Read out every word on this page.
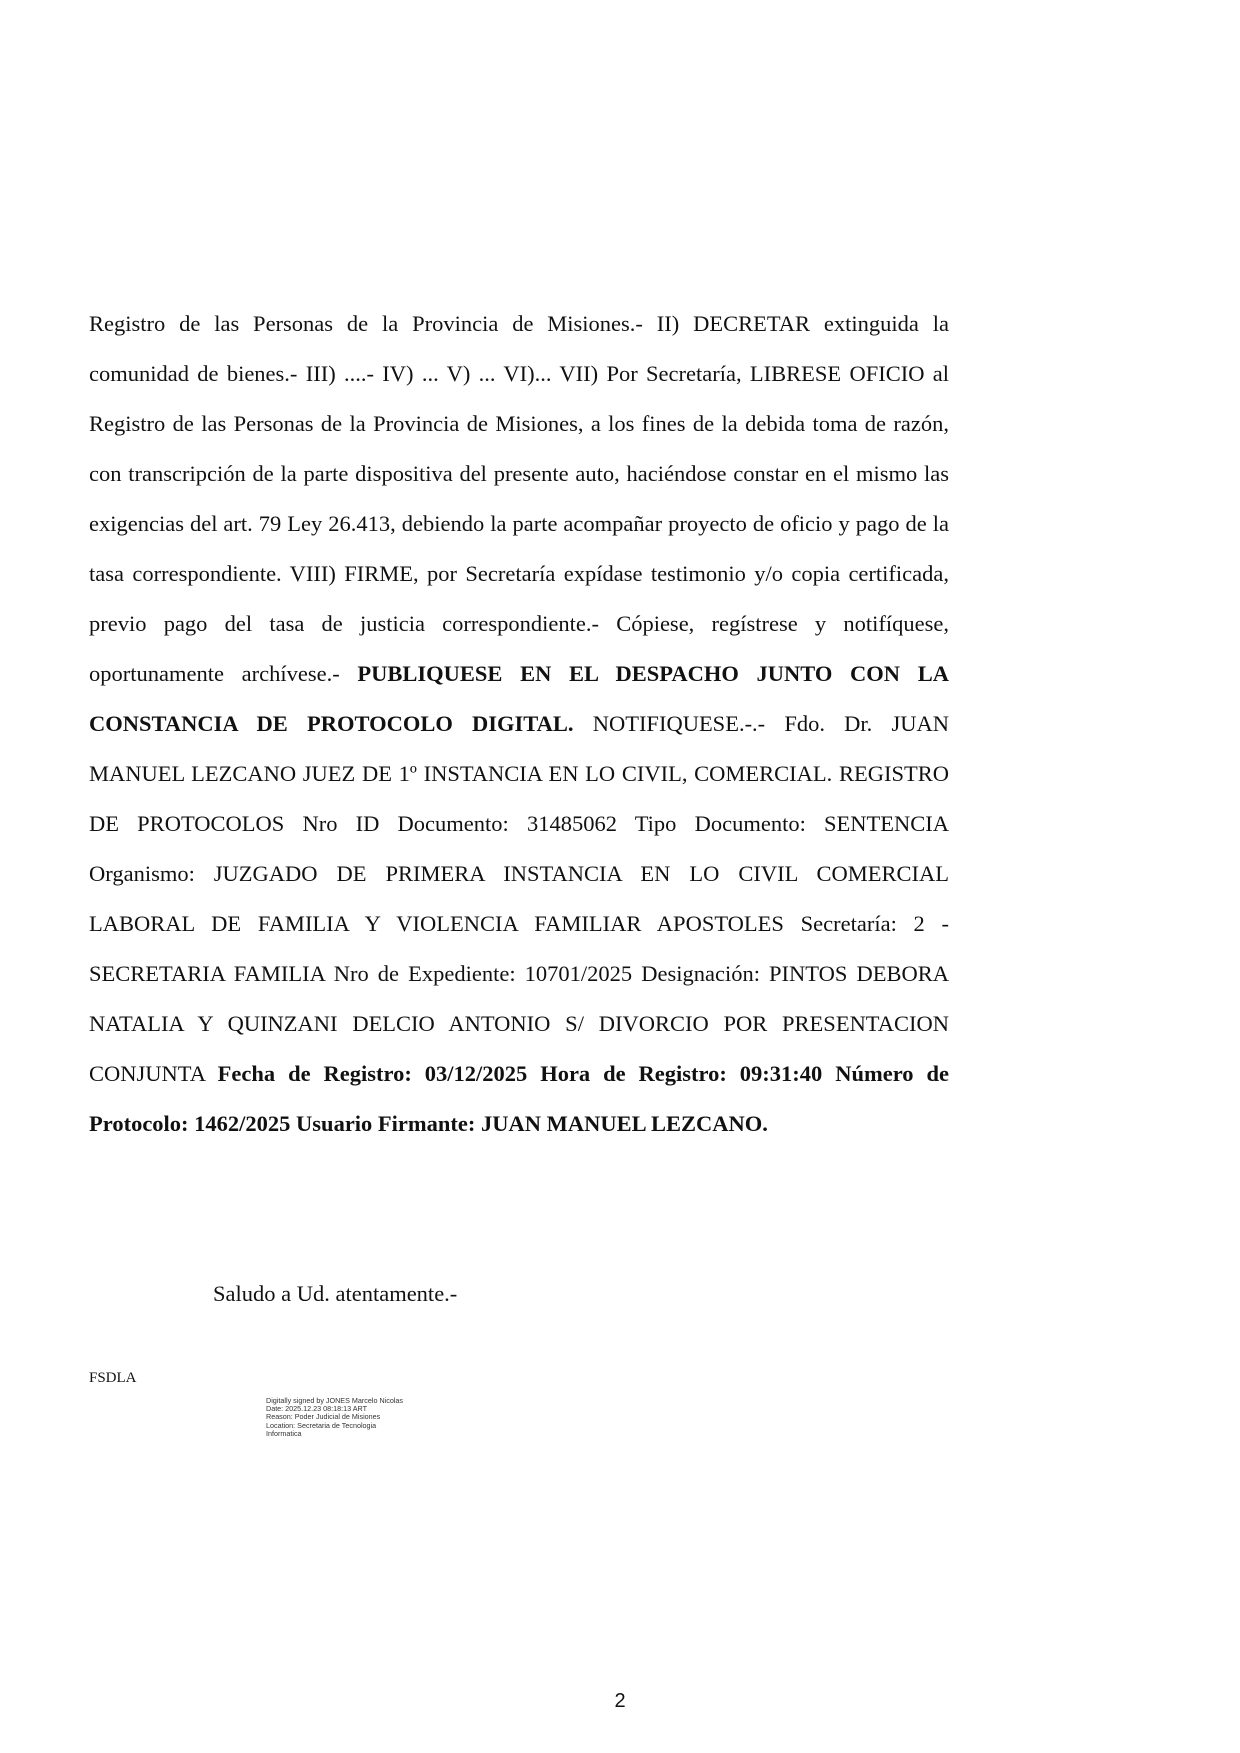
Registro de las Personas de la Provincia de Misiones.- II) DECRETAR extinguida la comunidad de bienes.- III) ....- IV) ... V) ... VI)... VII) Por Secretaría, LIBRESE OFICIO al Registro de las Personas de la Provincia de Misiones, a los fines de la debida toma de razón, con transcripción de la parte dispositiva del presente auto, haciéndose constar en el mismo las exigencias del art. 79 Ley 26.413, debiendo la parte acompañar proyecto de oficio y pago de la tasa correspondiente. VIII) FIRME, por Secretaría expídase testimonio y/o copia certificada, previo pago del tasa de justicia correspondiente.- Cópiese, regístrese y notifíquese, oportunamente archívese.- PUBLIQUESE EN EL DESPACHO JUNTO CON LA CONSTANCIA DE PROTOCOLO DIGITAL. NOTIFIQUESE.-.- Fdo. Dr. JUAN MANUEL LEZCANO JUEZ DE 1º INSTANCIA EN LO CIVIL, COMERCIAL. REGISTRO DE PROTOCOLOS Nro ID Documento: 31485062 Tipo Documento: SENTENCIA Organismo: JUZGADO DE PRIMERA INSTANCIA EN LO CIVIL COMERCIAL LABORAL DE FAMILIA Y VIOLENCIA FAMILIAR APOSTOLES Secretaría: 2 - SECRETARIA FAMILIA Nro de Expediente: 10701/2025 Designación: PINTOS DEBORA NATALIA Y QUINZANI DELCIO ANTONIO S/ DIVORCIO POR PRESENTACION CONJUNTA Fecha de Registro: 03/12/2025 Hora de Registro: 09:31:40 Número de Protocolo: 1462/2025 Usuario Firmante: JUAN MANUEL LEZCANO.

Saludo a Ud. atentamente.-

FSDLA
Digitally signed by JONES Marcelo Nicolas
Date: 2025.12.23 08:18:13 ART
Reason: Poder Judicial de Misiones
Location: Secretaria de Tecnologia
Informatica
2
